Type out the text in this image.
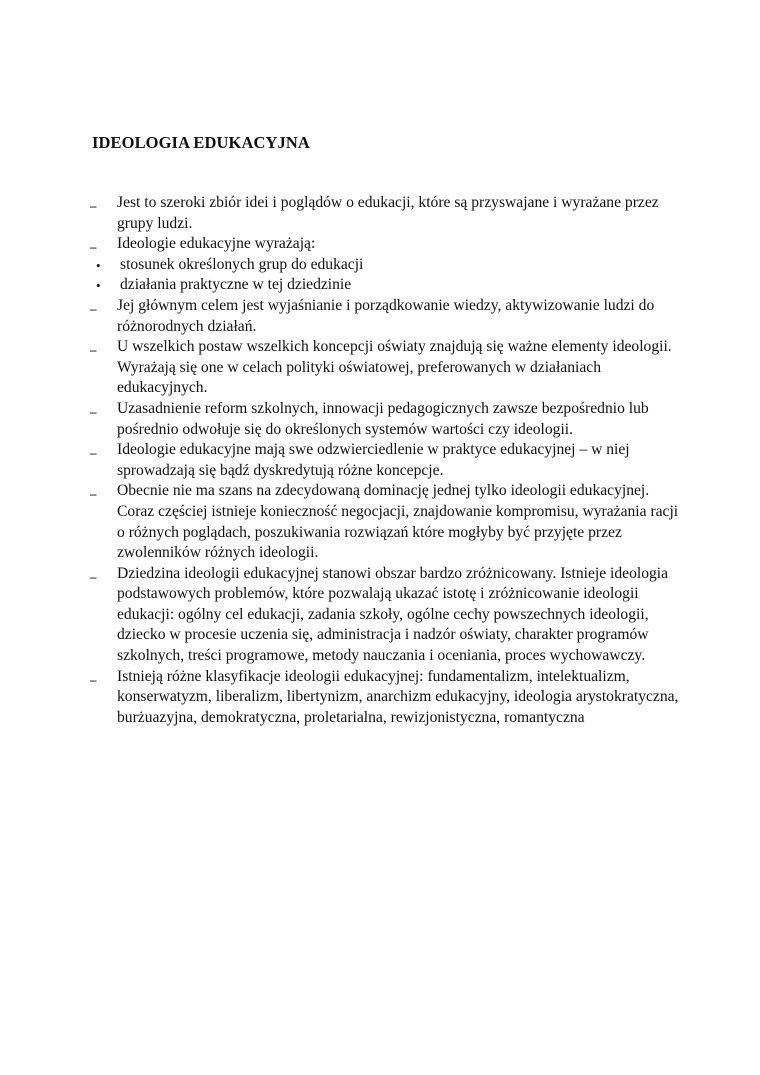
IDEOLOGIA EDUKACYJNA
–	Jest to szeroki zbiór idei i poglądów o edukacji, które są przyswajane i wyrażane przez grupy ludzi.
–	Ideologie edukacyjne wyrażają:
•	stosunek określonych grup do edukacji
•	działania praktyczne w tej dziedzinie
–	Jej głównym celem jest wyjaśnianie i porządkowanie wiedzy, aktywizowanie ludzi do różnorodnych działań.
–	U wszelkich postaw wszelkich koncepcji oświaty znajdują się ważne elementy ideologii. Wyrażają się one w celach polityki oświatowej, preferowanych w działaniach edukacyjnych.
–	Uzasadnienie reform szkolnych, innowacji pedagogicznych zawsze bezpośrednio lub pośrednio odwołuje się do określonych systemów wartości czy ideologii.
–	Ideologie edukacyjne mają swe odzwierciedlenie w praktyce edukacyjnej – w niej sprowadzają się bądź dyskredytują różne koncepcje.
–	Obecnie nie ma szans na zdecydowaną dominację jednej tylko ideologii edukacyjnej. Coraz częściej istnieje konieczność negocjacji, znajdowanie kompromisu, wyrażania racji o różnych poglądach, poszukiwania rozwiązań które mogłyby być przyjęte przez zwolenników różnych ideologii.
–	Dziedzina ideologii edukacyjnej stanowi obszar bardzo zróżnicowany. Istnieje ideologia podstawowych problemów, które pozwalają ukazać istotę i zróżnicowanie ideologii edukacji: ogólny cel edukacji, zadania szkoły, ogólne cechy powszechnych ideologii, dziecko w procesie uczenia się, administracja i nadzór oświaty, charakter programów szkolnych, treści programowe, metody nauczania i oceniania, proces wychowawczy.
–	Istnieją różne klasyfikacje ideologii edukacyjnej: fundamentalizm, intelektualizm, konserwatyzm, liberalizm, libertynizm, anarchizm edukacyjny, ideologia arystokratyczna, burżuazyjna, demokratyczna, proletarialna, rewizjonistyczna, romantyczna
